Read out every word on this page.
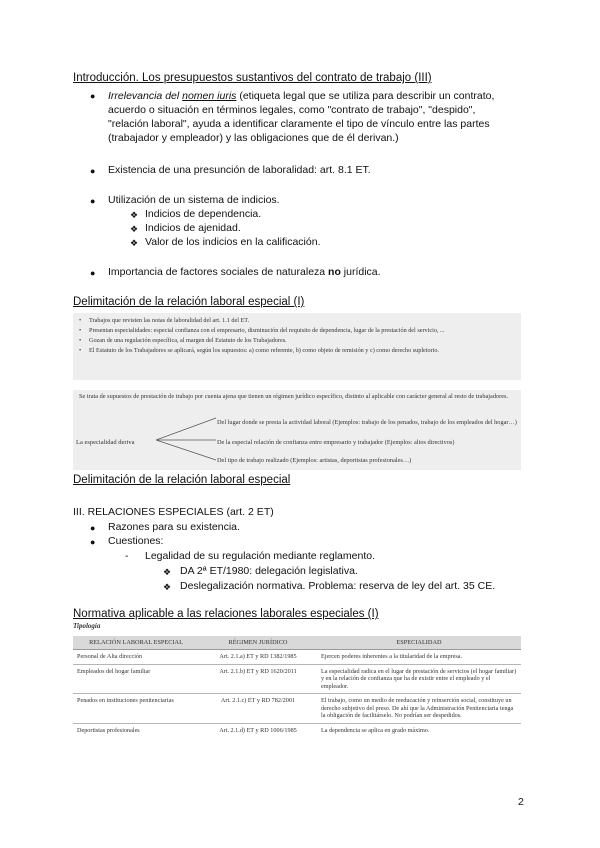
Introducción. Los presupuestos sustantivos del contrato de trabajo (III)
● Irrelevancia del nomen iuris (etiqueta legal que se utiliza para describir un contrato,
acuerdo o situación en términos legales, como "contrato de trabajo", "despido",
"relación laboral", ayuda a identificar claramente el tipo de vínculo entre las partes
(trabajador y empleador) y las obligaciones que de él derivan.)
● Existencia de una presunción de laboralidad: art. 8.1 ET.
● Utilización de un sistema de indicios.
❖ Indicios de dependencia.
❖ Indicios de ajenidad.
❖ Valor de los indicios en la calificación.
● Importancia de factores sociales de naturaleza no jurídica.
Delimitación de la relación laboral especial (I)
• Trabajos que revisten las notas de laboralidad del art. 1.1 del ET.
• Presentan especialidades: especial confianza con el empresario, disminución del requisito de dependencia, lugar de la prestación del servicio, ...
• Gozan de una regulación específica, al margen del Estatuto de los Trabajadores.
• El Estatuto de los Trabajadores se aplicará, según los supuestos: a) como referente, b) como objeto de remisión y c) como derecho supletorio.
Se trata de supuestos de prestación de trabajo por cuenta ajena que tienen un régimen jurídico específico, distinto al aplicable con carácter general al resto de trabajadores.
La especialidad deriva
Del lugar donde se presta la actividad laboral (Ejemplos: trabajo de los penados, trabajo de los empleados del hogar…)
De la especial relación de confianza entre empresario y trabajador (Ejemplos: altos directivos)
Del tipo de trabajo realizado (Ejemplos: artistas, deportistas profesionales…)
Delimitación de la relación laboral especial
III. RELACIONES ESPECIALES (art. 2 ET)
● Razones para su existencia.
● Cuestiones:
- Legalidad de su regulación mediante reglamento.
❖ DA 2ª ET/1980: delegación legislativa.
❖ Deslegalización normativa. Problema: reserva de ley del art. 35 CE.
Normativa aplicable a las relaciones laborales especiales (I)
Tipología
RELACIÓN LABORAL ESPECIAL	RÉGIMEN JURÍDICO	ESPECIALIDAD
Personal de Alta dirección	Art. 2.1.a) ET y RD 1382/1985	Ejercen poderes inherentes a la titularidad de la empresa.
Empleados del hogar familiar	Art. 2.1.b) ET y RD 1620/2011	La especialidad radica en el lugar de prestación de servicios (el hogar familiar) y en la relación de confianza que ha de existir entre el empleado y el empleador.
Penados en instituciones penitenciarias	Art. 2.1.c) ET y RD 782/2001	El trabajo, como un medio de reeducación y reinserción social, constituye un derecho subjetivo del preso. De ahí que la Administración Penitenciaria tenga la obligación de facilitárselo. No podrían ser despedidos.
Deportistas profesionales	Art. 2.1.d) ET y RD 1006/1985	La dependencia se aplica en grado máximo.
2
